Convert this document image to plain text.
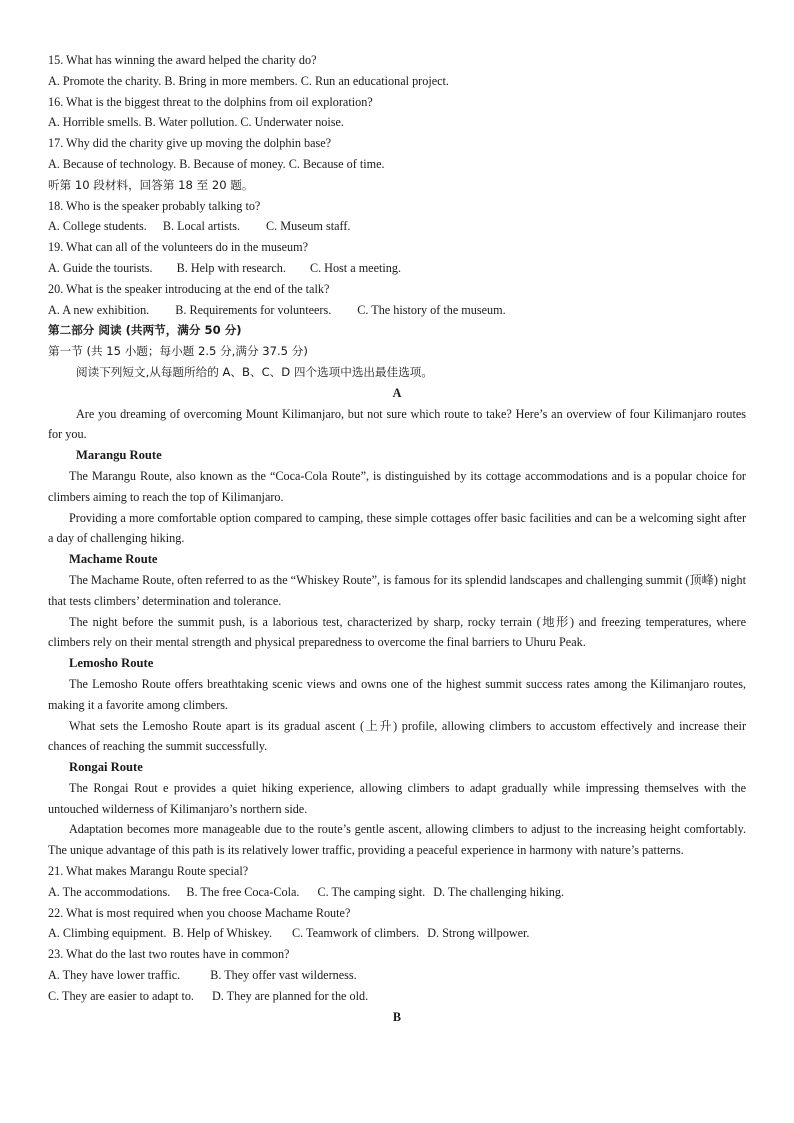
15. What has winning the award helped the charity do?
A. Promote the charity. B. Bring in more members. C. Run an educational project.
16. What is the biggest threat to the dolphins from oil exploration?
A. Horrible smells. B. Water pollution. C. Underwater noise.
17. Why did the charity give up moving the dolphin base?
A. Because of technology. B. Because of money. C. Because of time.
听第 10 段材料，回答第 18 至 20 题。
18. Who is the speaker probably talking to?
A. College students. B. Local artists. C. Museum staff.
19. What can all of the volunteers do in the museum?
A. Guide the tourists. B. Help with research. C. Host a meeting.
20. What is the speaker introducing at the end of the talk?
A. A new exhibition. B. Requirements for volunteers. C. The history of the museum.
第二部分 阅读 (共两节，满分 50 分)
第一节 (共 15 小题；每小题 2.5 分,满分 37.5 分)
阅读下列短文,从每题所给的 A、B、C、D 四个选项中选出最佳选项。
A
Are you dreaming of overcoming Mount Kilimanjaro, but not sure which route to take? Here’s an overview of four Kilimanjaro routes for you.
Marangu Route
The Marangu Route, also known as the “Coca-Cola Route”, is distinguished by its cottage accommodations and is a popular choice for climbers aiming to reach the top of Kilimanjaro.
Providing a more comfortable option compared to camping, these simple cottages offer basic facilities and can be a welcoming sight after a day of challenging hiking.
Machame Route
The Machame Route, often referred to as the “Whiskey Route”, is famous for its splendid landscapes and challenging summit (顶峰) night that tests climbers’ determination and tolerance.
The night before the summit push, is a laborious test, characterized by sharp, rocky terrain (地形) and freezing temperatures, where climbers rely on their mental strength and physical preparedness to overcome the final barriers to Uhuru Peak.
Lemosho Route
The Lemosho Route offers breathtaking scenic views and owns one of the highest summit success rates among the Kilimanjaro routes, making it a favorite among climbers.
What sets the Lemosho Route apart is its gradual ascent (上升) profile, allowing climbers to accustom effectively and increase their chances of reaching the summit successfully.
Rongai Route
The Rongai Rout e provides a quiet hiking experience, allowing climbers to adapt gradually while impressing themselves with the untouched wilderness of Kilimanjaro’s northern side.
Adaptation becomes more manageable due to the route’s gentle ascent, allowing climbers to adjust to the increasing height comfortably. The unique advantage of this path is its relatively lower traffic, providing a peaceful experience in harmony with nature’s patterns.
21. What makes Marangu Route special?
A. The accommodations. B. The free Coca-Cola. C. The camping sight. D. The challenging hiking.
22. What is most required when you choose Machame Route?
A. Climbing equipment. B. Help of Whiskey. C. Teamwork of climbers. D. Strong willpower.
23. What do the last two routes have in common?
A. They have lower traffic. B. They offer vast wilderness.
C. They are easier to adapt to. D. They are planned for the old.
B
